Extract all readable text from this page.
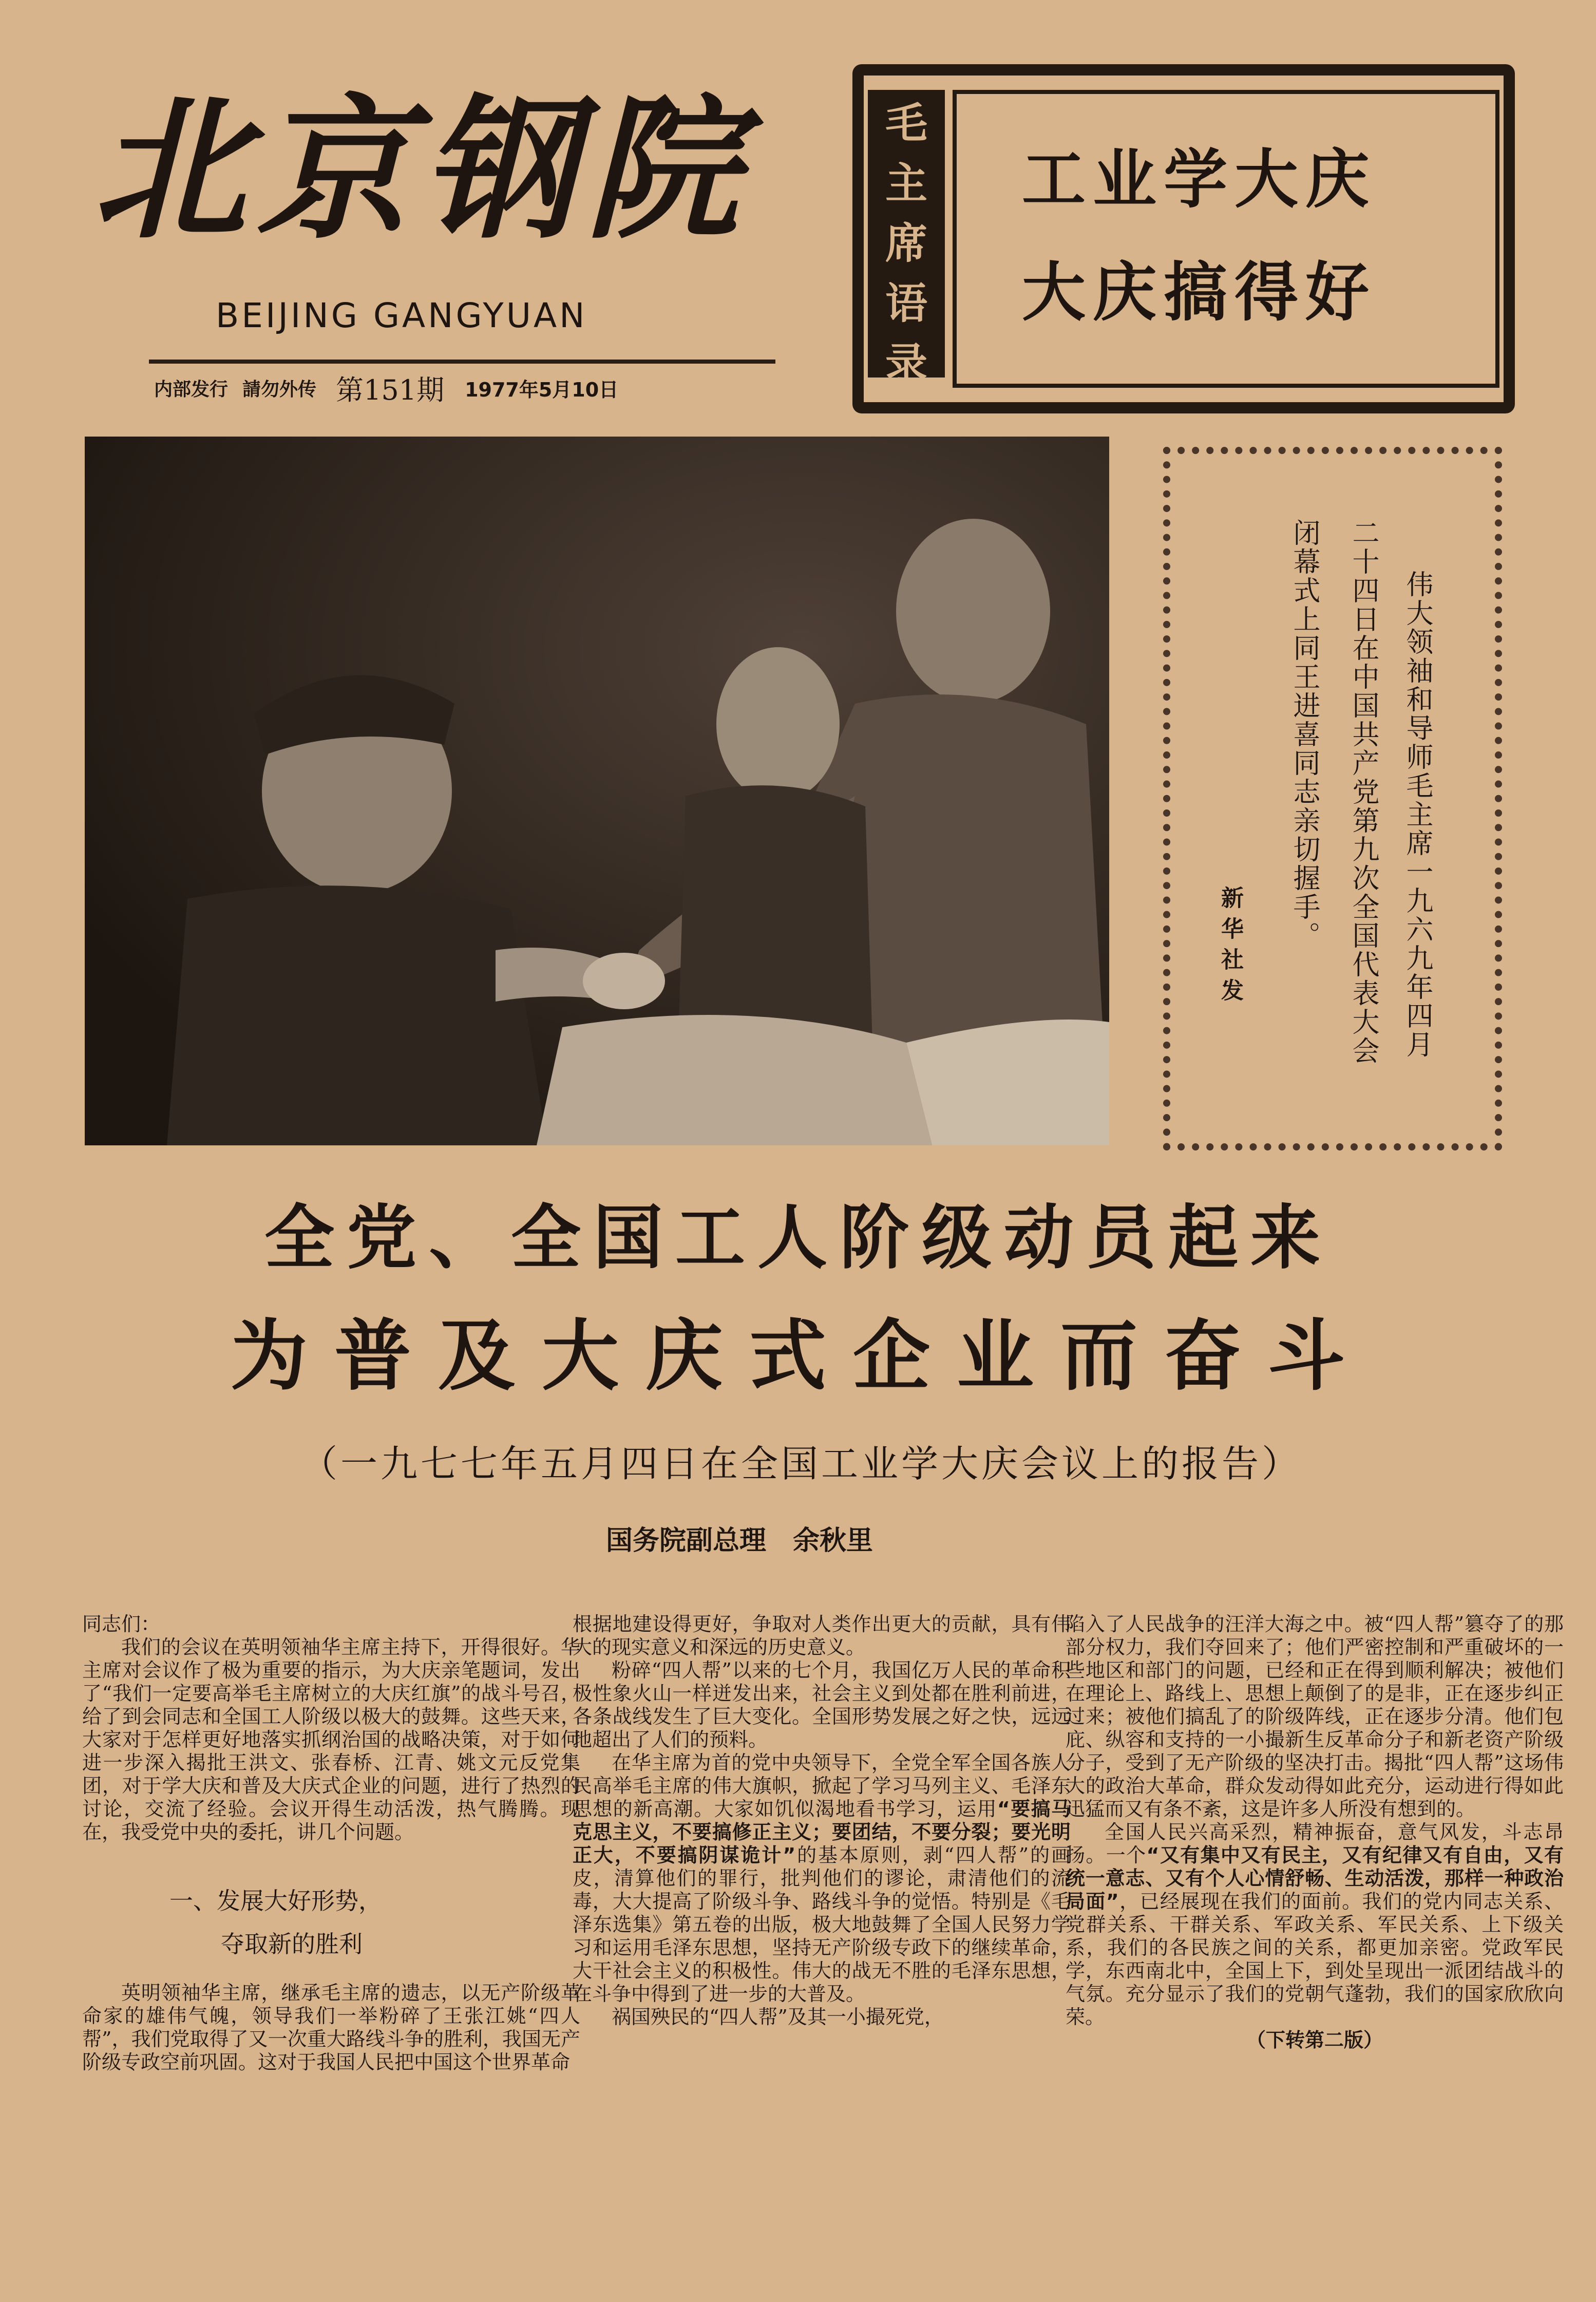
北京钢院
BEIJING GANGYUAN
内部发行 請勿外传 第151期 1977年5月10日
毛
主
席
语
录
工业学大庆
大庆搞得好
伟大领袖和导师毛主席一九六九年四月
二十四日在中国共产党第九次全国代表大会
闭幕式上同王进喜同志亲切握手。
新华社发
全党、全国工人阶级动员起来
为普及大庆式企业而奋斗
（一九七七年五月四日在全国工业学大庆会议上的报告）
国务院副总理　余秋里

同志们：

我们的会议在英明领袖华主席主持下，开得很好。华主席对会议作了极为重要的指示，为大庆亲笔题词，发出了“我们一定要高举毛主席树立的大庆红旗”的战斗号召，给了到会同志和全国工人阶级以极大的鼓舞。这些天来，大家对于怎样更好地落实抓纲治国的战略决策，对于如何进一步深入揭批王洪文、张春桥、江青、姚文元反党集团，对于学大庆和普及大庆式企业的问题，进行了热烈的讨论，交流了经验。会议开得生动活泼，热气腾腾。现在，我受党中央的委托，讲几个问题。

一、发展大好形势，

夺取新的胜利

英明领袖华主席，继承毛主席的遗志，以无产阶级革命家的雄伟气魄，领导我们一举粉碎了王张江姚“四人帮”，我们党取得了又一次重大路线斗争的胜利，我国无产阶级专政空前巩固。这对于我国人民把中国这个世界革命

根据地建设得更好，争取对人类作出更大的贡献，具有伟大的现实意义和深远的历史意义。

粉碎“四人帮”以来的七个月，我国亿万人民的革命积极性象火山一样迸发出来，社会主义到处都在胜利前进，各条战线发生了巨大变化。全国形势发展之好之快，远远地超出了人们的预料。

在华主席为首的党中央领导下，全党全军全国各族人民高举毛主席的伟大旗帜，掀起了学习马列主义、毛泽东思想的新高潮。大家如饥似渴地看书学习，运用“要搞马克思主义，不要搞修正主义；要团结，不要分裂；要光明正大，不要搞阴谋诡计”的基本原则，剥“四人帮”的画皮，清算他们的罪行，批判他们的谬论，肃清他们的流毒，大大提高了阶级斗争、路线斗争的觉悟。特别是《毛泽东选集》第五卷的出版，极大地鼓舞了全国人民努力学习和运用毛泽东思想，坚持无产阶级专政下的继续革命，大干社会主义的积极性。伟大的战无不胜的毛泽东思想，在斗争中得到了进一步的大普及。

祸国殃民的“四人帮”及其一小撮死党，

陷入了人民战争的汪洋大海之中。被“四人帮”篡夺了的那部分权力，我们夺回来了；他们严密控制和严重破坏的一些地区和部门的问题，已经和正在得到顺利解决；被他们在理论上、路线上、思想上颠倒了的是非，正在逐步纠正过来；被他们搞乱了的阶级阵线，正在逐步分清。他们包庇、纵容和支持的一小撮新生反革命分子和新老资产阶级分子，受到了无产阶级的坚决打击。揭批“四人帮”这场伟大的政治大革命，群众发动得如此充分，运动进行得如此迅猛而又有条不紊，这是许多人所没有想到的。

全国人民兴高采烈，精神振奋，意气风发，斗志昂扬。一个“又有集中又有民主，又有纪律又有自由，又有统一意志、又有个人心情舒畅、生动活泼，那样一种政治局面”，已经展现在我们的面前。我们的党内同志关系、党群关系、干群关系、军政关系、军民关系、上下级关系，我们的各民族之间的关系，都更加亲密。党政军民学，东西南北中，全国上下，到处呈现出一派团结战斗的气氛。充分显示了我们的党朝气蓬勃，我们的国家欣欣向荣。

（下转第二版）
